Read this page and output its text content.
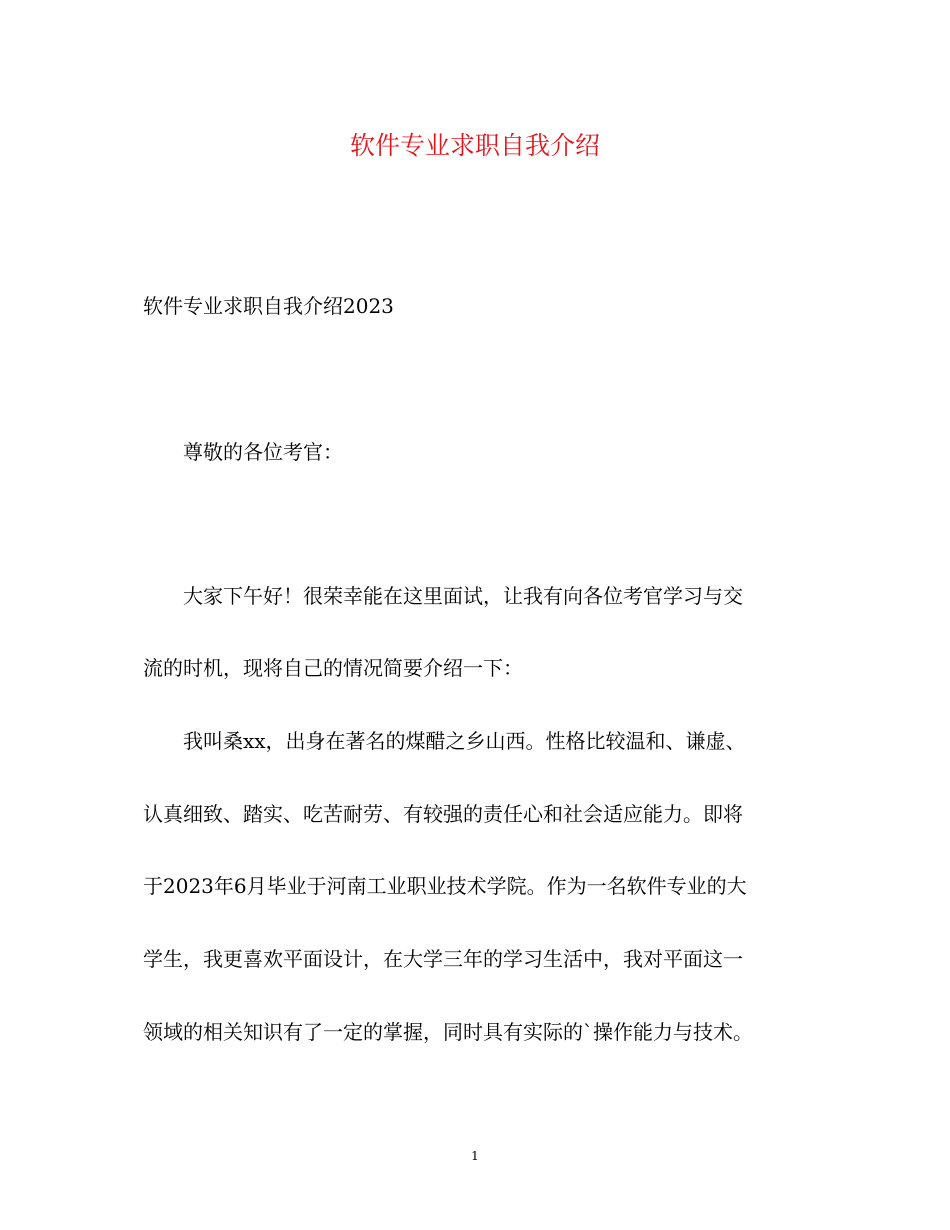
软件专业求职自我介绍
软件专业求职自我介绍2023
尊敬的各位考官：
大家下午好！很荣幸能在这里面试，让我有向各位考官学习与交
流的时机，现将自己的情况简要介绍一下：
我叫桑xx，出身在著名的煤醋之乡山西。性格比较温和、谦虚、
认真细致、踏实、吃苦耐劳、有较强的责任心和社会适应能力。即将
于2023年6月毕业于河南工业职业技术学院。作为一名软件专业的大
学生，我更喜欢平面设计，在大学三年的学习生活中，我对平面这一
领域的相关知识有了一定的掌握，同时具有实际的`操作能力与技术。
1
